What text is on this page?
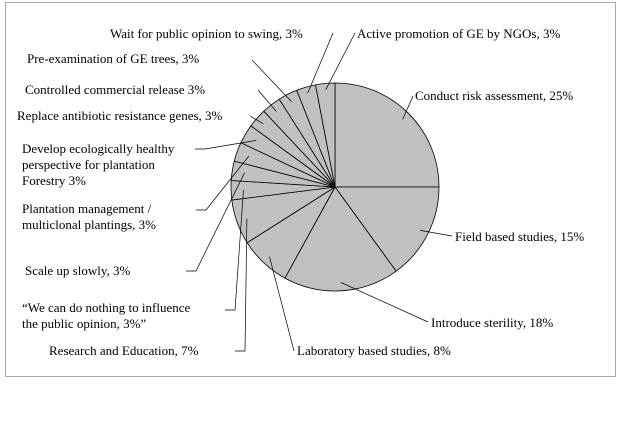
Conduct risk assessment, 25%
Field based studies, 15%
Introduce sterility, 18%
Laboratory based studies, 8%
Research and Education, 7%
“We can do nothing to influence the public opinion, 3%”
Scale up slowly, 3%
Plantation management / multiclonal plantings, 3%
Develop ecologically healthy perspective for plantation Forestry 3%
Replace antibiotic resistance genes, 3%
Controlled commercial release 3%
Pre-examination of GE trees, 3%
Wait for public opinion to swing, 3%	Active promotion of GE by NGOs, 3%
